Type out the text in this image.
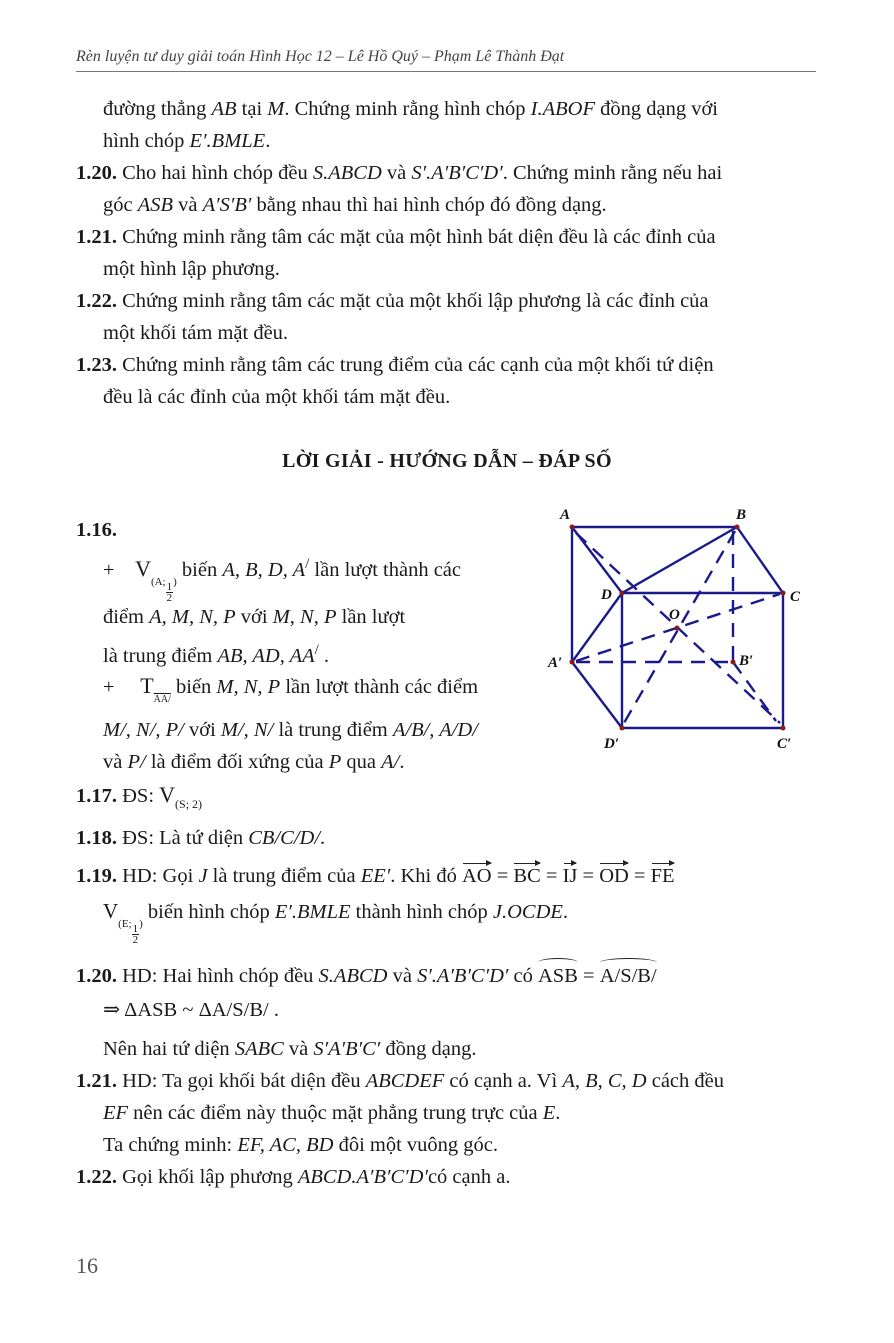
Rèn luyện tư duy giải toán Hình Học 12 – Lê Hồ Quý – Phạm Lê Thành Đạt
đường thẳng AB tại M. Chứng minh rằng hình chóp I.ABOF đồng dạng với
hình chóp E′.BMLE.
1.20. Cho hai hình chóp đều S.ABCD và S′.A′B′C′D′. Chứng minh rằng nếu hai
góc ASB và A′S′B′ bằng nhau thì hai hình chóp đó đồng dạng.
1.21. Chứng minh rằng tâm các mặt của một hình bát diện đều là các đỉnh của
một hình lập phương.
1.22. Chứng minh rằng tâm các mặt của một khối lập phương là các đỉnh của
một khối tám mặt đều.
1.23. Chứng minh rằng tâm các trung điểm của các cạnh của một khối tứ diện
đều là các đỉnh của một khối tám mặt đều.
LỜI GIẢI - HƯỚNG DẪN – ĐÁP SỐ
1.16.
+ $V_{(A; \frac{1}{2} )}$ biến A, B, D, A/ lần lượt thành các
điểm A, M, N, P với M, N, P lần lượt
là trung điểm AB, AD, AA/ .
+ $T_{AA/}$ biến M, N, P lần lượt thành các điểm
M/, N/, P/ với M/, N/ là trung điểm A/B/, A/D/
và P/ là điểm đối xứng của P qua A/.
1.17. ĐS: $V_{(S; 2)}$
1.18. ĐS: Là tứ diện CB/C/D/.
1.19. HD: Gọi J là trung điểm của EE′. Khi đó AO = BC = IJ = OD = FE
$V_{(E; \frac{1}{2} )}$ biến hình chóp E′.BMLE thành hình chóp J.OCDE.
1.20. HD: Hai hình chóp đều S.ABCD và S′.A′B′C′D′ có ASB = A/S/B/
⇒ ΔASB ~ ΔA/S/B/ .
Nên hai tứ diện SABC và S′A′B′C′ đồng dạng.
1.21. HD: Ta gọi khối bát diện đều ABCDEF có cạnh a. Vì A, B, C, D cách đều
EF nên các điểm này thuộc mặt phẳng trung trực của E.
Ta chứng minh: EF, AC, BD đôi một vuông góc.
1.22. Gọi khối lập phương ABCD.A′B′C′D′có cạnh a.
16
A	B
C
D
O
A′	B′
C′
D′
